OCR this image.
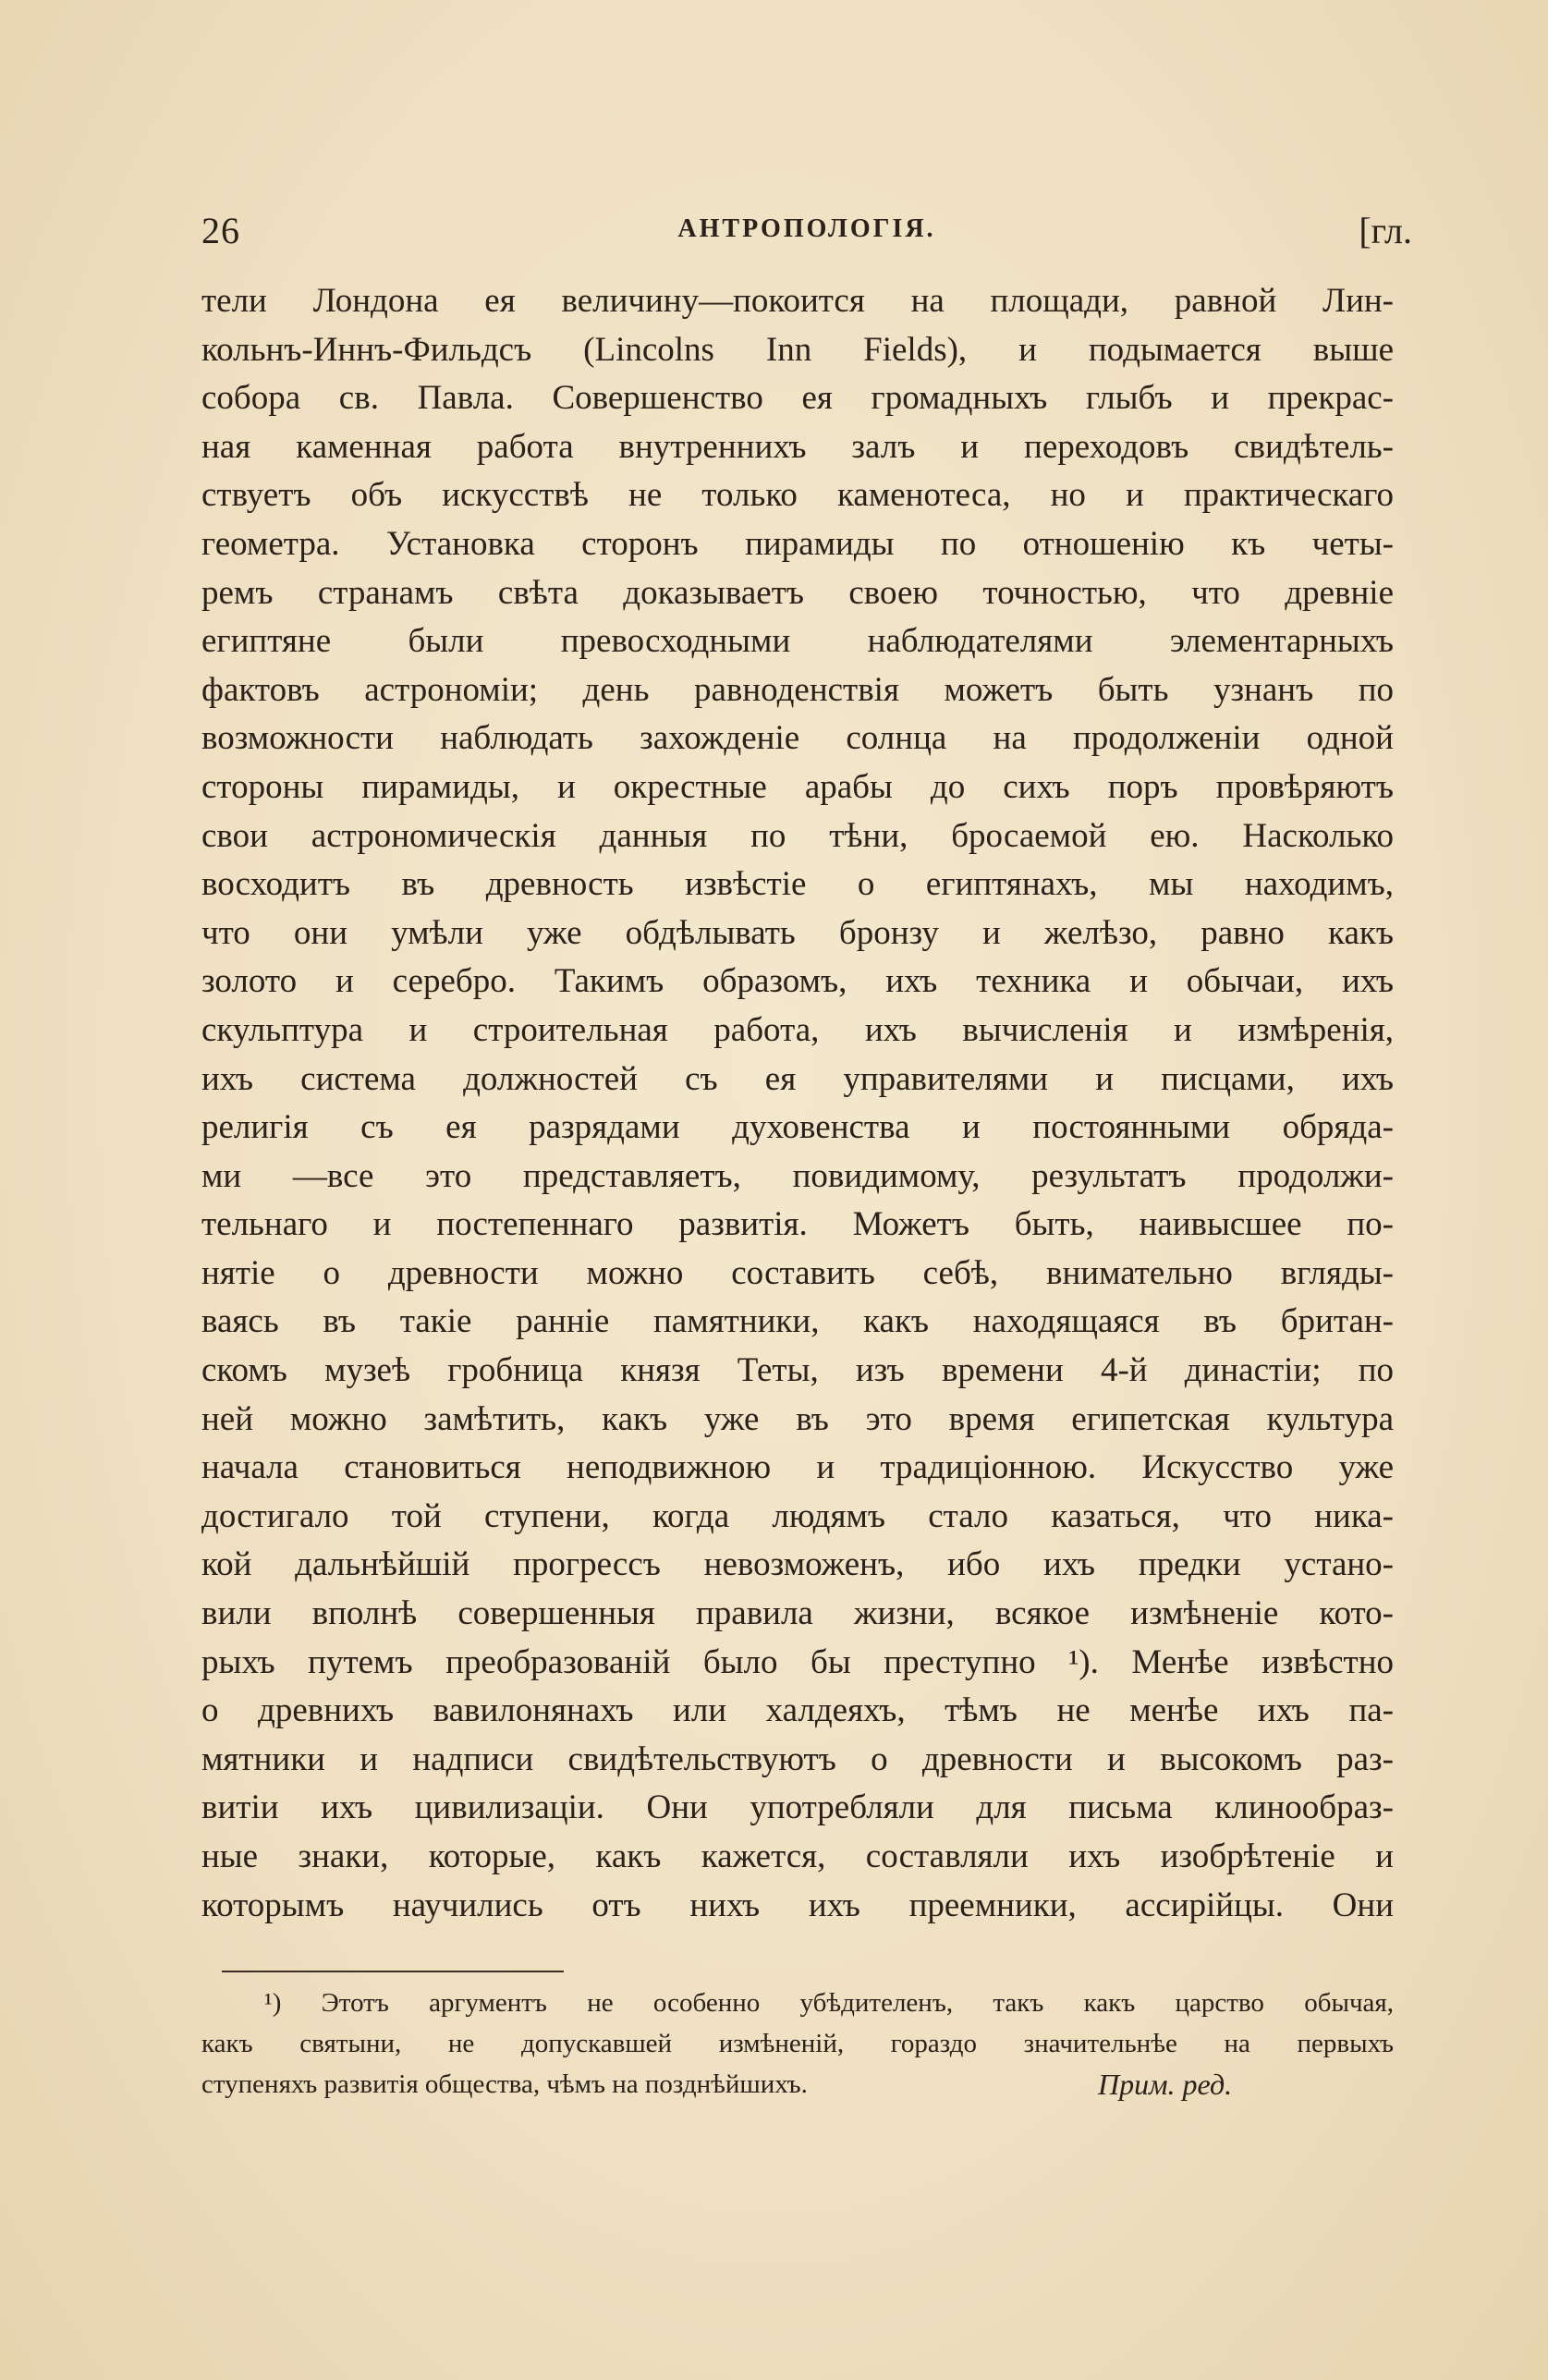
26	АНТРОПОЛОГІЯ.	[гл.
тели Лондона ея величину—покоится на площади, равной Лин-
кольнъ-Иннъ-Фильдсъ (Lincolns Inn Fields), и подымается выше
собора св. Павла. Совершенство ея громадныхъ глыбъ и прекрас-
ная каменная работа внутреннихъ залъ и переходовъ свидѣтель-
ствуетъ объ искусствѣ не только каменотеса, но и практическаго
геометра. Установка сторонъ пирамиды по отношенію къ четы-
ремъ странамъ свѣта доказываетъ своею точностью, что древніе
египтяне были превосходными наблюдателями элементарныхъ
фактовъ астрономіи; день равноденствія можетъ быть узнанъ по
возможности наблюдать захожденіе солнца на продолженіи одной
стороны пирамиды, и окрестные арабы до сихъ поръ провѣряютъ
свои астрономическія данныя по тѣни, бросаемой ею. Насколько
восходитъ въ древность извѣстіе о египтянахъ, мы находимъ,
что они умѣли уже обдѣлывать бронзу и желѣзо, равно какъ
золото и серебро. Такимъ образомъ, ихъ техника и обычаи, ихъ
скульптура и строительная работа, ихъ вычисленія и измѣренія,
ихъ система должностей съ ея управителями и писцами, ихъ
религія съ ея разрядами духовенства и постоянными обряда-
ми —все это представляетъ, повидимому, результатъ продолжи-
тельнаго и постепеннаго развитія. Можетъ быть, наивысшее по-
нятіе о древности можно составить себѣ, внимательно вгляды-
ваясь въ такіе ранніе памятники, какъ находящаяся въ британ-
скомъ музеѣ гробница князя Теты, изъ времени 4-й династіи; по
ней можно замѣтить, какъ уже въ это время египетская культура
начала становиться неподвижною и традиціонною. Искусство уже
достигало той ступени, когда людямъ стало казаться, что ника-
кой дальнѣйшій прогрессъ невозможенъ, ибо ихъ предки устано-
вили вполнѣ совершенныя правила жизни, всякое измѣненіе кото-
рыхъ путемъ преобразованій было бы преступно ¹). Менѣе извѣстно
о древнихъ вавилонянахъ или халдеяхъ, тѣмъ не менѣе ихъ па-
мятники и надписи свидѣтельствуютъ о древности и высокомъ раз-
витіи ихъ цивилизаціи. Они употребляли для письма клинообраз-
ные знаки, которые, какъ кажется, составляли ихъ изобрѣтеніе и
которымъ научились отъ нихъ ихъ преемники, ассирійцы. Они
¹) Этотъ аргументъ не особенно убѣдителенъ, такъ какъ царство обычая,
какъ святыни, не допускавшей измѣненій, гораздо значительнѣе на первыхъ
ступеняхъ развитія общества, чѣмъ на позднѣйшихъ.	Прим. ред.
